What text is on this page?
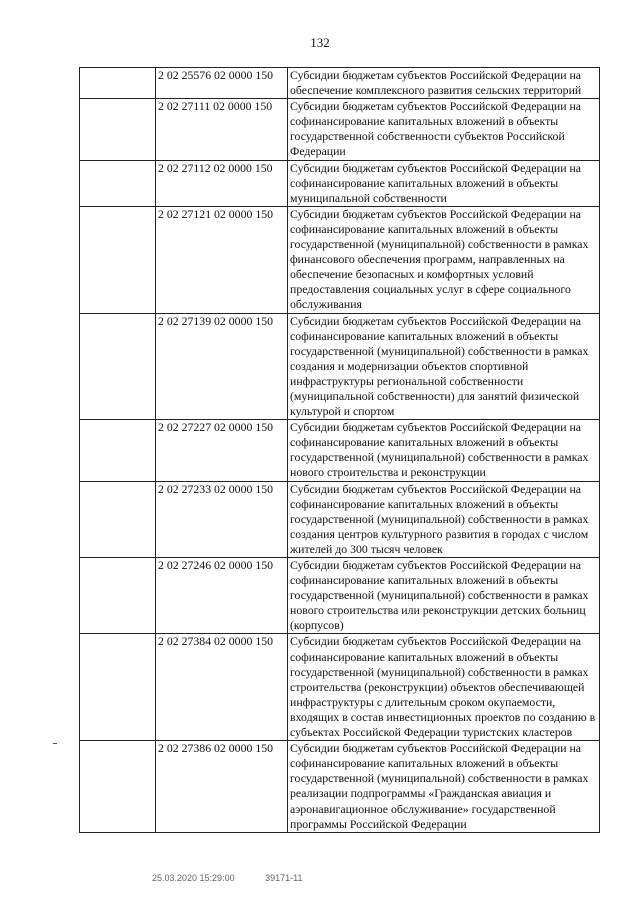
132
	2 02 25576 02 0000 150	Субсидии бюджетам субъектов Российской Федерации на обеспечение комплексного развития сельских территорий
	2 02 27111 02 0000 150	Субсидии бюджетам субъектов Российской Федерации на софинансирование капитальных вложений в объекты государственной собственности субъектов Российской Федерации
	2 02 27112 02 0000 150	Субсидии бюджетам субъектов Российской Федерации на софинансирование капитальных вложений в объекты муниципальной собственности
	2 02 27121 02 0000 150	Субсидии бюджетам субъектов Российской Федерации на софинансирование капитальных вложений в объекты государственной (муниципальной) собственности в рамках финансового обеспечения программ, направленных на обеспечение безопасных и комфортных условий предоставления социальных услуг в сфере социального обслуживания
	2 02 27139 02 0000 150	Субсидии бюджетам субъектов Российской Федерации на софинансирование капитальных вложений в объекты государственной (муниципальной) собственности в рамках создания и модернизации объектов спортивной инфраструктуры региональной собственности (муниципальной собственности) для занятий физической культурой и спортом
	2 02 27227 02 0000 150	Субсидии бюджетам субъектов Российской Федерации на софинансирование капитальных вложений в объекты государственной (муниципальной) собственности в рамках нового строительства и реконструкции
	2 02 27233 02 0000 150	Субсидии бюджетам субъектов Российской Федерации на софинансирование капитальных вложений в объекты государственной (муниципальной) собственности в рамках создания центров культурного развития в городах с числом жителей до 300 тысяч человек
	2 02 27246 02 0000 150	Субсидии бюджетам субъектов Российской Федерации на софинансирование капитальных вложений в объекты государственной (муниципальной) собственности в рамках нового строительства или реконструкции детских больниц (корпусов)
	2 02 27384 02 0000 150	Субсидии бюджетам субъектов Российской Федерации на софинансирование капитальных вложений в объекты государственной (муниципальной) собственности в рамках строительства (реконструкции) объектов обеспечивающей инфраструктуры с длительным сроком окупаемости, входящих в состав инвестиционных проектов по созданию в субъектах Российской Федерации туристских кластеров
	2 02 27386 02 0000 150	Субсидии бюджетам субъектов Российской Федерации на софинансирование капитальных вложений в объекты государственной (муниципальной) собственности в рамках реализации подпрограммы «Гражданская авиация и аэронавигационное обслуживание» государственной программы Российской Федерации
25.03.2020 15:29:00	39171-11
